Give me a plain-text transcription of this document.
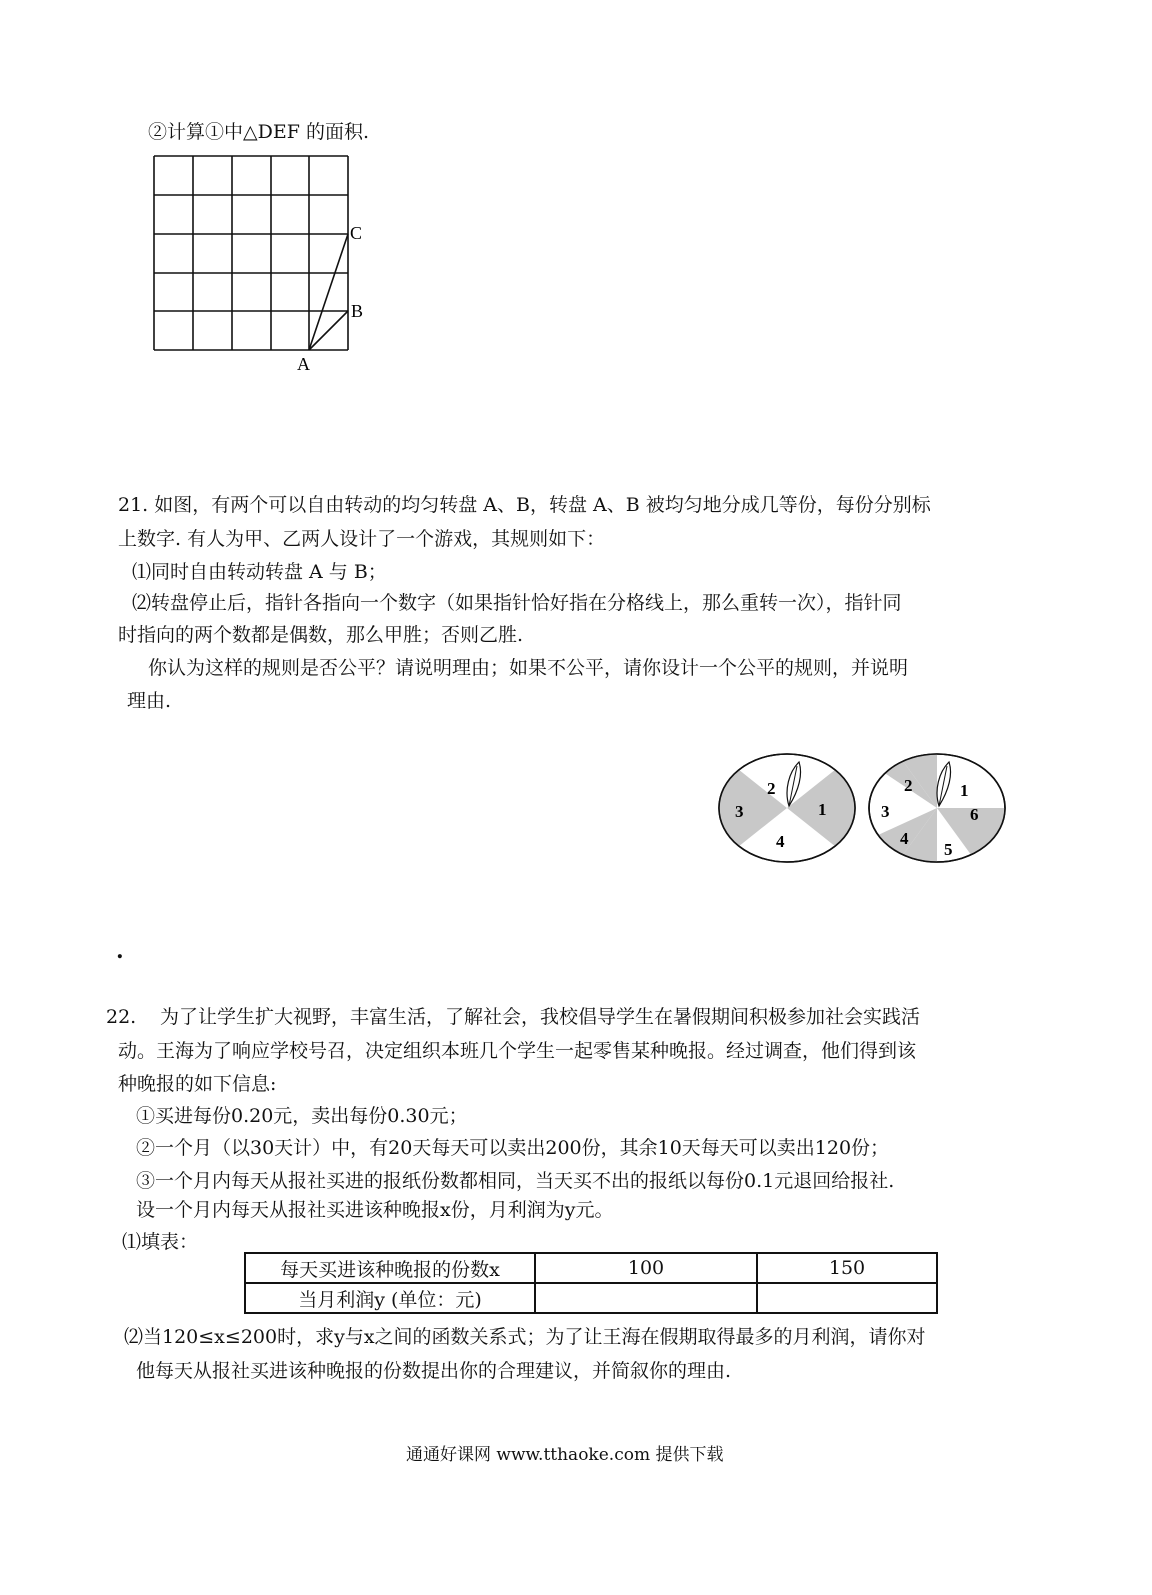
②计算①中△DEF 的面积.
C
B
A
21. 如图，有两个可以自由转动的均匀转盘 A、B，转盘 A、B 被均匀地分成几等份，每份分别标
上数字. 有人为甲、乙两人设计了一个游戏，其规则如下：
⑴同时自由转动转盘 A 与 B；
⑵转盘停止后，指针各指向一个数字（如果指针恰好指在分格线上，那么重转一次），指针同
时指向的两个数都是偶数，那么甲胜；否则乙胜.
你认为这样的规则是否公平？请说明理由；如果不公平，请你设计一个公平的规则，并说明
理由.
2
1
3
4
2	1
3	6
4
5
.
22. 为了让学生扩大视野，丰富生活，了解社会，我校倡导学生在暑假期间积极参加社会实践活
动。王海为了响应学校号召，决定组织本班几个学生一起零售某种晚报。经过调查，他们得到该
种晚报的如下信息:
①买进每份0.20元，卖出每份0.30元；
②一个月（以30天计）中，有20天每天可以卖出200份，其余10天每天可以卖出120份；
③一个月内每天从报社买进的报纸份数都相同，当天买不出的报纸以每份0.1元退回给报社.
设一个月内每天从报社买进该种晚报x份，月利润为y元。
⑴填表：
每天买进该种晚报的份数x	100	150
当月利润y (单位：元)		
⑵当120≤x≤200时，求y与x之间的函数关系式；为了让王海在假期取得最多的月利润，请你对
他每天从报社买进该种晚报的份数提出你的合理建议，并简叙你的理由.
通通好课网 www.tthaoke.com 提供下载
